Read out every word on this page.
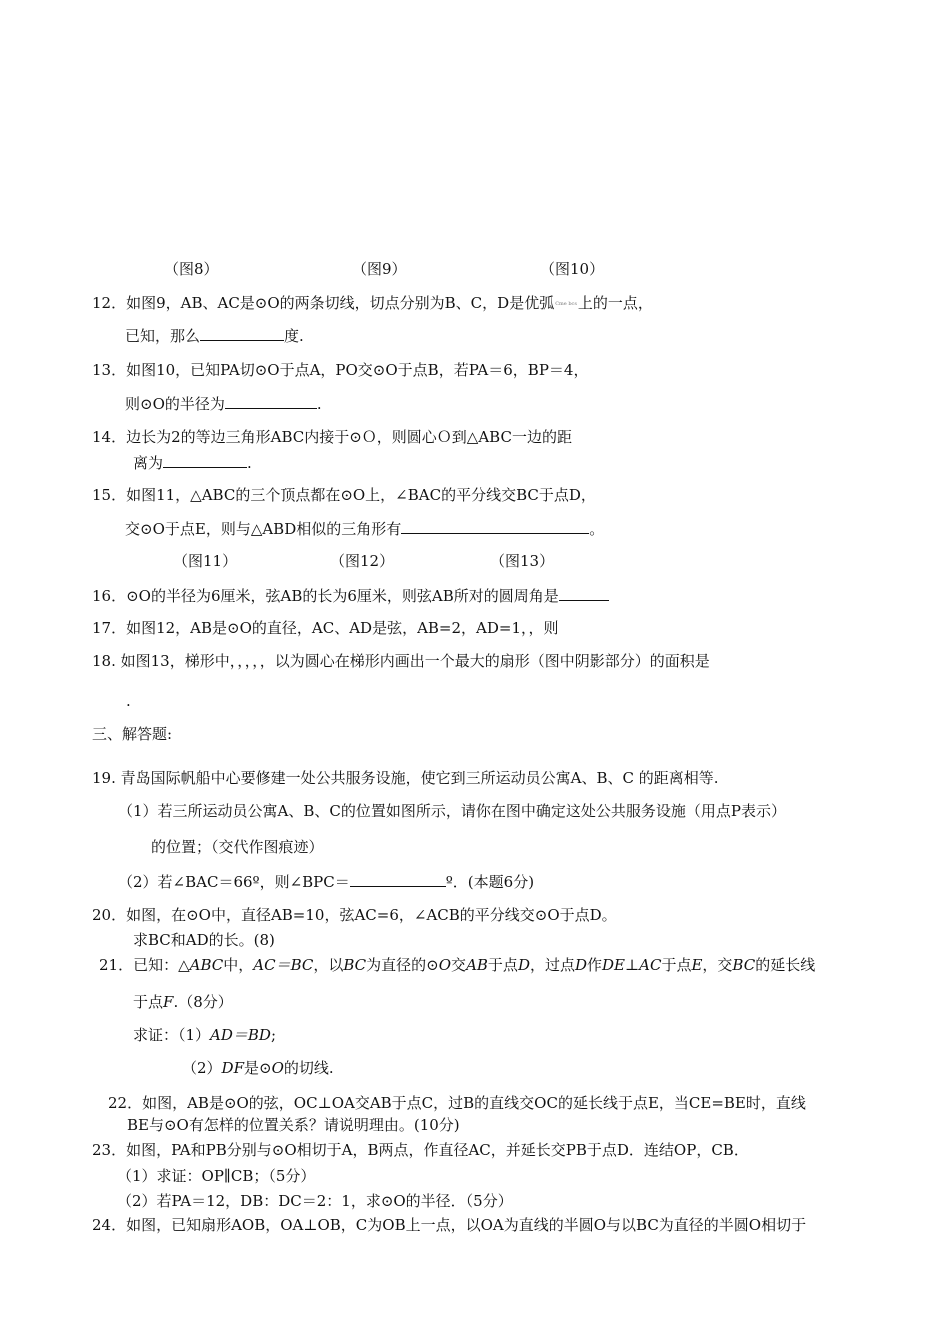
（图8）	（图9）	（图10）
12．如图9，AB、AC是⊙O的两条切线，切点分别为B、C，D是优弧Cme bcs上的一点，
已知，那么	度.
13．如图10，已知PA切⊙O于点A，PO交⊙O于点B，若PA＝6，BP＝4，
则⊙O的半径为	.
14．边长为2的等边三角形ABC内接于⊙Ｏ，则圆心Ｏ到△ABC一边的距
离为	.
15．如图11，△ABC的三个顶点都在⊙O上，∠BAC的平分线交BC于点D，
交⊙O于点E，则与△ABD相似的三角形有	。
（图11）	（图12）	（图13）
16．⊙O的半径为6厘米，弦AB的长为6厘米，则弦AB所对的圆周角是
17．如图12，AB是⊙O的直径，AC、AD是弦，AB=2，AD=1，，则
18. 如图13，梯形中，，，，，以为圆心在梯形内画出一个最大的扇形（图中阴影部分）的面积是
.
三、解答题:
19. 青岛国际帆船中心要修建一处公共服务设施，使它到三所运动员公寓A、B、C 的距离相等.
（1）若三所运动员公寓A、B、C的位置如图所示，请你在图中确定这处公共服务设施（用点P表示）
的位置；（交代作图痕迹）
（2）若∠BAC＝66º，则∠BPC＝	º．(本题6分)
20．如图，在⊙O中，直径AB=10，弦AC=6，∠ACB的平分线交⊙O于点D。
求BC和AD的长。(8)
21．已知：△ABC中，AC＝BC，以BC为直径的⊙O交AB于点D，过点D作DE⊥AC于点E，交BC的延长线
于点F.（8分）
求证：（1）AD＝BD;
（2）DF是⊙O的切线.
22．如图，AB是⊙O的弦，OC⊥OA交AB于点C，过B的直线交OC的延长线于点E，当CE=BE时，直线
BE与⊙O有怎样的位置关系？请说明理由。(10分)
23．如图，PA和PB分别与⊙O相切于A，B两点，作直径AC，并延长交PB于点D．连结OP，CB．
（1）求证：OP∥CB；（5分）
（2）若PA＝12，DB：DC＝2：1，求⊙O的半径．（5分）
24．如图，已知扇形AOB，OA⊥OB，C为OB上一点，以OA为直线的半圆O与以BC为直径的半圆O相切于
